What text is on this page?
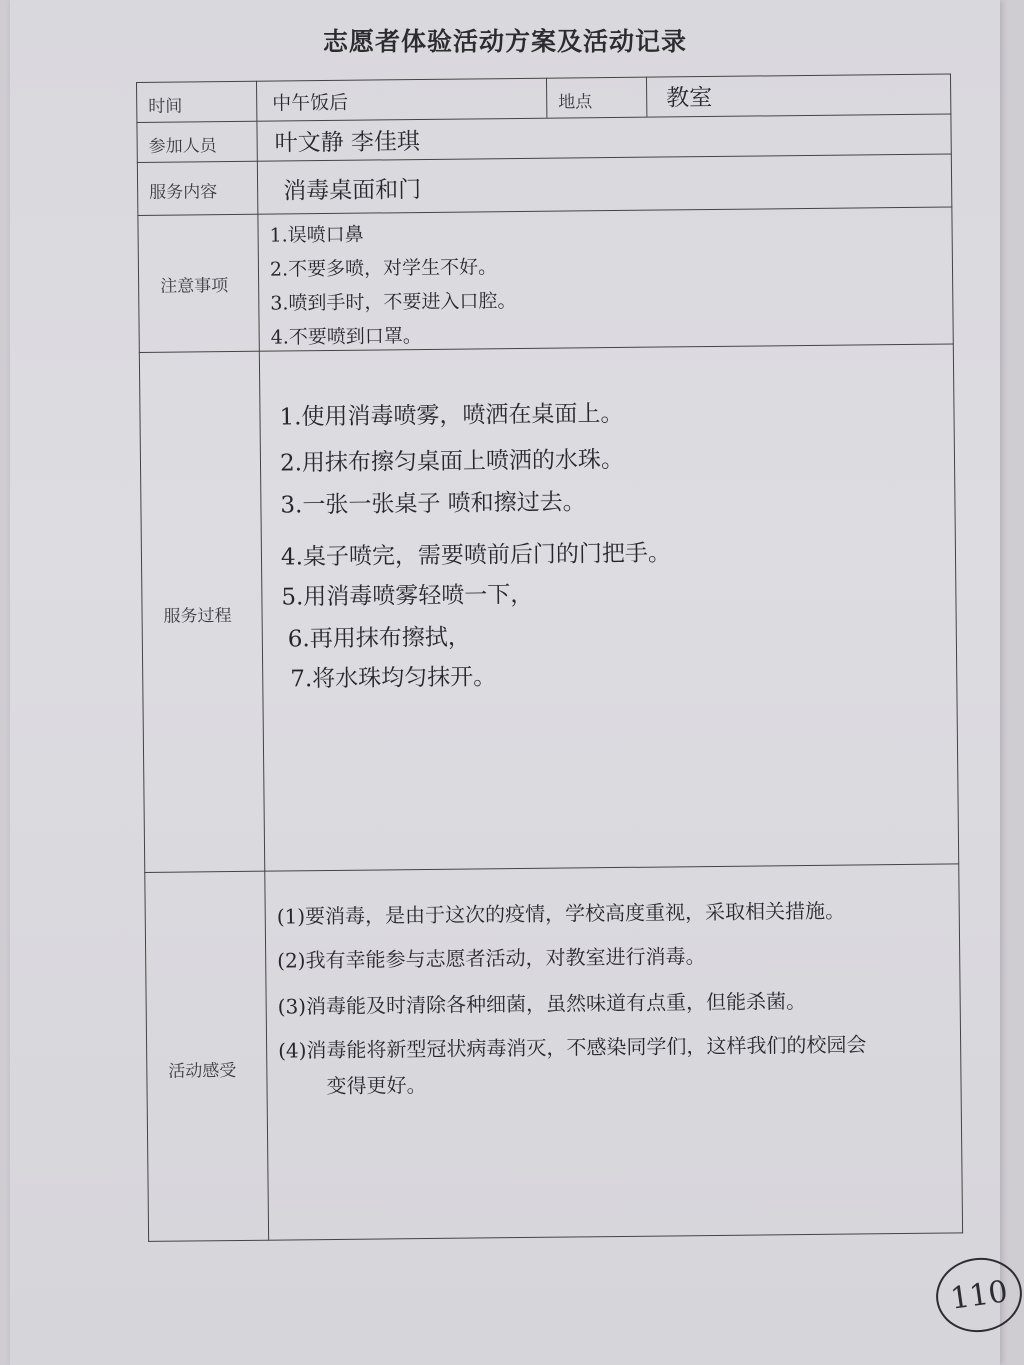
志愿者体验活动方案及活动记录
时间	中午饭后	地点	教室
参加人员	叶文静 李佳琪
服务内容	消毒桌面和门
注意事项
1.误喷口鼻
2.不要多喷，对学生不好。
3.喷到手时，不要进入口腔。
4.不要喷到口罩。
服务过程
1.使用消毒喷雾，喷洒在桌面上。
2.用抹布擦匀桌面上喷洒的水珠。
3.一张一张桌子 喷和擦过去。
4.桌子喷完，需要喷前后门的门把手。
5.用消毒喷雾轻喷一下，
6.再用抹布擦拭，
7.将水珠均匀抹开。
活动感受
(1)要消毒，是由于这次的疫情，学校高度重视，采取相关措施。
(2)我有幸能参与志愿者活动，对教室进行消毒。
(3)消毒能及时清除各种细菌，虽然味道有点重，但能杀菌。
(4)消毒能将新型冠状病毒消灭，不感染同学们，这样我们的校园会
变得更好。
110
